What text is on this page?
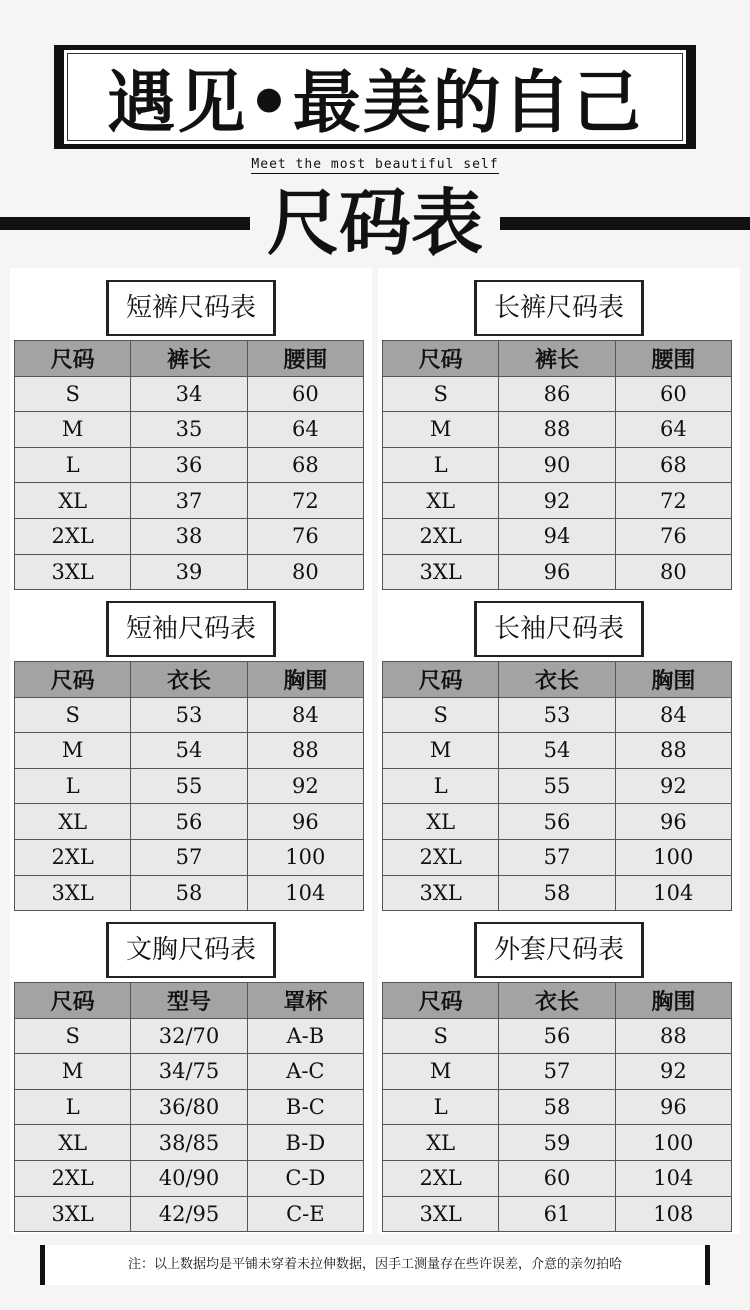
遇见•最美的自己
Meet the most beautiful self
尺码表
短裤尺码表
尺码	裤长	腰围
S	34	60
M	35	64
L	36	68
XL	37	72
2XL	38	76
3XL	39	80
短袖尺码表
尺码	衣长	胸围
S	53	84
M	54	88
L	55	92
XL	56	96
2XL	57	100
3XL	58	104
文胸尺码表
尺码	型号	罩杯
S	32/70	A-B
M	34/75	A-C
L	36/80	B-C
XL	38/85	B-D
2XL	40/90	C-D
3XL	42/95	C-E
长裤尺码表
尺码	裤长	腰围
S	86	60
M	88	64
L	90	68
XL	92	72
2XL	94	76
3XL	96	80
长袖尺码表
尺码	衣长	胸围
S	53	84
M	54	88
L	55	92
XL	56	96
2XL	57	100
3XL	58	104
外套尺码表
尺码	衣长	胸围
S	56	88
M	57	92
L	58	96
XL	59	100
2XL	60	104
3XL	61	108
注：以上数据均是平铺未穿着未拉伸数据，因手工测量存在些许误差，介意的亲勿拍哈
